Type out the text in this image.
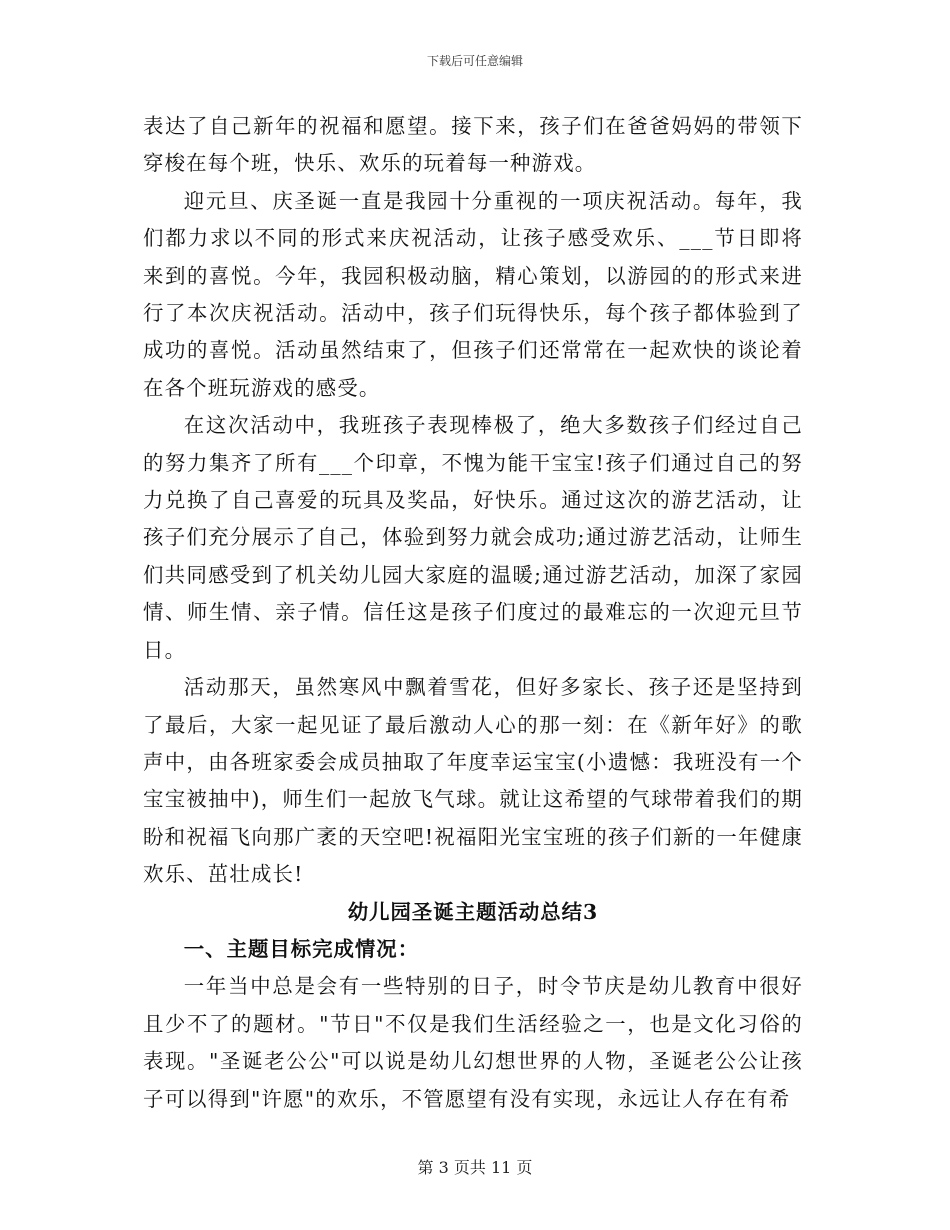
下载后可任意编辑

表达了自己新年的祝福和愿望。接下来，孩子们在爸爸妈妈的带领下穿梭在每个班，快乐、欢乐的玩着每一种游戏。

迎元旦、庆圣诞一直是我园十分重视的一项庆祝活动。每年，我们都力求以不同的形式来庆祝活动，让孩子感受欢乐、___节日即将来到的喜悦。今年，我园积极动脑，精心策划，以游园的的形式来进行了本次庆祝活动。活动中，孩子们玩得快乐，每个孩子都体验到了成功的喜悦。活动虽然结束了，但孩子们还常常在一起欢快的谈论着在各个班玩游戏的感受。

在这次活动中，我班孩子表现棒极了，绝大多数孩子们经过自己的努力集齐了所有___个印章，不愧为能干宝宝!孩子们通过自己的努力兑换了自己喜爱的玩具及奖品，好快乐。通过这次的游艺活动，让孩子们充分展示了自己，体验到努力就会成功;通过游艺活动，让师生们共同感受到了机关幼儿园大家庭的温暖;通过游艺活动，加深了家园情、师生情、亲子情。信任这是孩子们度过的最难忘的一次迎元旦节日。

活动那天，虽然寒风中飘着雪花，但好多家长、孩子还是坚持到了最后，大家一起见证了最后激动人心的那一刻：在《新年好》的歌声中，由各班家委会成员抽取了年度幸运宝宝(小遗憾：我班没有一个宝宝被抽中)，师生们一起放飞气球。就让这希望的气球带着我们的期盼和祝福飞向那广袤的天空吧!祝福阳光宝宝班的孩子们新的一年健康欢乐、茁壮成长!

幼儿园圣诞主题活动总结3

一、主题目标完成情况：

一年当中总是会有一些特别的日子，时令节庆是幼儿教育中很好且少不了的题材。"节日"不仅是我们生活经验之一，也是文化习俗的表现。"圣诞老公公"可以说是幼儿幻想世界的人物，圣诞老公公让孩子可以得到"许愿"的欢乐，不管愿望有没有实现，永远让人存在有希

第 3 页共 11 页
